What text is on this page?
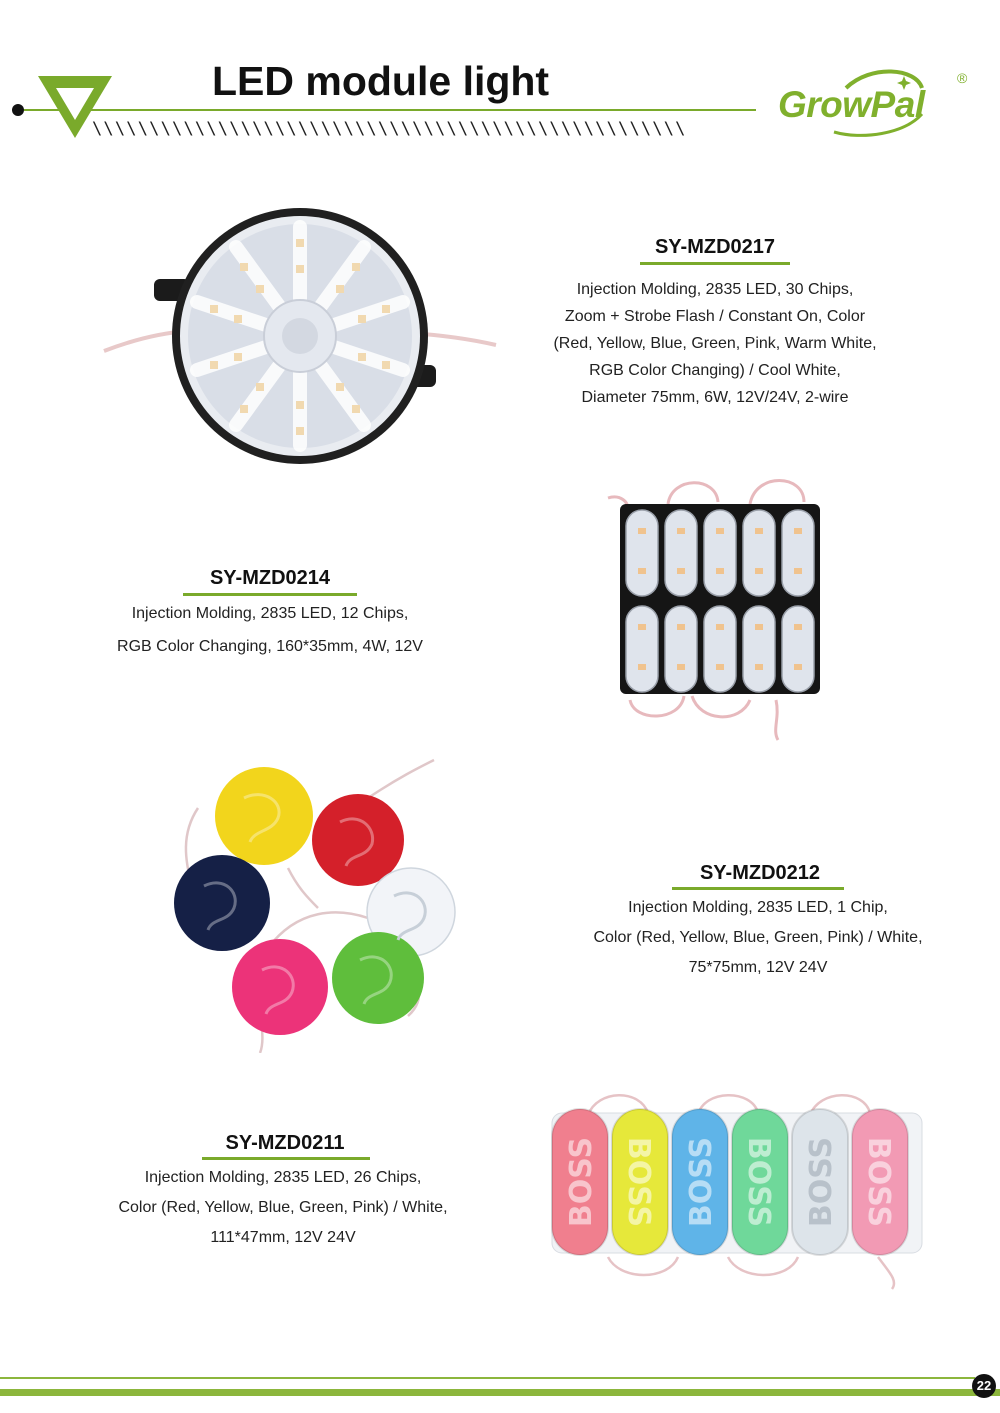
\\\\\\\\\\\\\\\\\\\\\\\\\\\\\\\\\\\\\\\\\\\\\\\\\\\\
LED module light
GrowPal
®
SY-MZD0217
Injection Molding, 2835 LED, 30 Chips,
Zoom + Strobe Flash / Constant On, Color
(Red, Yellow, Blue, Green, Pink, Warm White,
RGB Color Changing) / Cool White,
Diameter 75mm, 6W, 12V/24V, 2-wire
SY-MZD0214
Injection Molding, 2835 LED, 12 Chips,
RGB Color Changing, 160*35mm, 4W, 12V
SY-MZD0212
Injection Molding, 2835 LED, 1 Chip,
Color (Red, Yellow, Blue, Green, Pink) / White,
75*75mm, 12V 24V
SY-MZD0211
Injection Molding, 2835 LED, 26 Chips,
Color (Red, Yellow, Blue, Green, Pink) / White,
111*47mm, 12V 24V
BOSS BOSS BOSS BOSS BOSS BOSS
22
